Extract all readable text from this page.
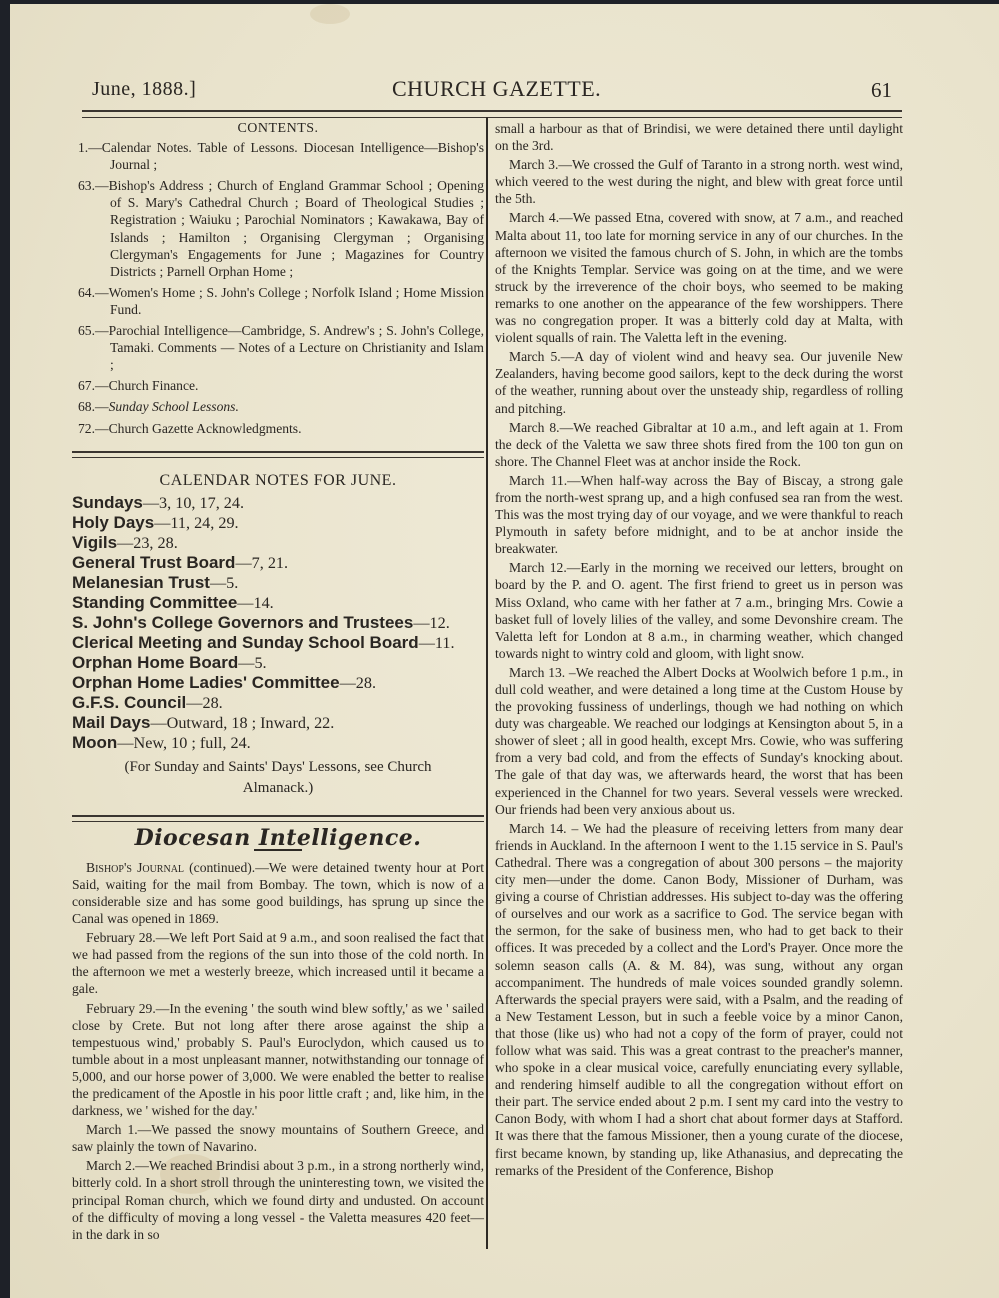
June, 1888.]	CHURCH GAZETTE.	61
CONTENTS.

1.—Calendar Notes. Table of Lessons. Diocesan Intelligence—Bishop's Journal ;

63.—Bishop's Address ; Church of England Grammar School ; Opening of S. Mary's Cathedral Church ; Board of Theological Studies ; Registration ; Waiuku ; Parochial Nominators ; Kawakawa, Bay of Islands ; Hamilton ; Organising Clergyman ; Organising Clergyman's Engagements for June ; Magazines for Country Districts ; Parnell Orphan Home ;

64.—Women's Home ; S. John's College ; Norfolk Island ; Home Mission Fund.

65.—Parochial Intelligence—Cambridge, S. Andrew's ; S. John's College, Tamaki. Comments — Notes of a Lecture on Christianity and Islam ;

67.—Church Finance.

68.—Sunday School Lessons.

72.—Church Gazette Acknowledgments.

CALENDAR NOTES FOR JUNE.

Sundays—3, 10, 17, 24.

Holy Days—11, 24, 29.

Vigils—23, 28.

General Trust Board—7, 21.

Melanesian Trust—5.

Standing Committee—14.

S. John's College Governors and Trustees—12.

Clerical Meeting and Sunday School Board—11.

Orphan Home Board—5.

Orphan Home Ladies' Committee—28.

G.F.S. Council—28.

Mail Days—Outward, 18 ; Inward, 22.

Moon—New, 10 ; full, 24.

(For Sunday and Saints' Days' Lessons, see Church Almanack.)

Diocesan Intelligence.

Bishop's Journal (continued).—We were detained twenty hour at Port Said, waiting for the mail from Bombay. The town, which is now of a considerable size and has some good buildings, has sprung up since the Canal was opened in 1869.

February 28.—We left Port Said at 9 a.m., and soon realised the fact that we had passed from the regions of the sun into those of the cold north. In the afternoon we met a westerly breeze, which increased until it became a gale.

February 29.—In the evening ' the south wind blew softly,' as we ' sailed close by Crete. But not long after there arose against the ship a tempestuous wind,' probably S. Paul's Euroclydon, which caused us to tumble about in a most unpleasant manner, notwithstanding our tonnage of 5,000, and our horse power of 3,000. We were enabled the better to realise the predicament of the Apostle in his poor little craft ; and, like him, in the darkness, we ' wished for the day.'

March 1.—We passed the snowy mountains of Southern Greece, and saw plainly the town of Navarino.

March 2.—We reached Brindisi about 3 p.m., in a strong northerly wind, bitterly cold. In a short stroll through the uninteresting town, we visited the principal Roman church, which we found dirty and undusted. On account of the difficulty of moving a long vessel - the Valetta measures 420 feet—in the dark in so

small a harbour as that of Brindisi, we were detained there until daylight on the 3rd.

March 3.—We crossed the Gulf of Taranto in a strong north. west wind, which veered to the west during the night, and blew with great force until the 5th.

March 4.—We passed Etna, covered with snow, at 7 a.m., and reached Malta about 11, too late for morning service in any of our churches. In the afternoon we visited the famous church of S. John, in which are the tombs of the Knights Templar. Service was going on at the time, and we were struck by the irreverence of the choir boys, who seemed to be making remarks to one another on the appearance of the few worshippers. There was no congregation proper. It was a bitterly cold day at Malta, with violent squalls of rain. The Valetta left in the evening.

March 5.—A day of violent wind and heavy sea. Our juvenile New Zealanders, having become good sailors, kept to the deck during the worst of the weather, running about over the unsteady ship, regardless of rolling and pitching.

March 8.—We reached Gibraltar at 10 a.m., and left again at 1. From the deck of the Valetta we saw three shots fired from the 100 ton gun on shore. The Channel Fleet was at anchor inside the Rock.

March 11.—When half-way across the Bay of Biscay, a strong gale from the north-west sprang up, and a high confused sea ran from the west. This was the most trying day of our voyage, and we were thankful to reach Plymouth in safety before midnight, and to be at anchor inside the breakwater.

March 12.—Early in the morning we received our letters, brought on board by the P. and O. agent. The first friend to greet us in person was Miss Oxland, who came with her father at 7 a.m., bringing Mrs. Cowie a basket full of lovely lilies of the valley, and some Devonshire cream. The Valetta left for London at 8 a.m., in charming weather, which changed towards night to wintry cold and gloom, with light snow.

March 13. –We reached the Albert Docks at Woolwich before 1 p.m., in dull cold weather, and were detained a long time at the Custom House by the provoking fussiness of underlings, though we had nothing on which duty was chargeable. We reached our lodgings at Kensington about 5, in a shower of sleet ; all in good health, except Mrs. Cowie, who was suffering from a very bad cold, and from the effects of Sunday's knocking about. The gale of that day was, we afterwards heard, the worst that has been experienced in the Channel for two years. Several vessels were wrecked. Our friends had been very anxious about us.

March 14. – We had the pleasure of receiving letters from many dear friends in Auckland. In the afternoon I went to the 1.15 service in S. Paul's Cathedral. There was a congregation of about 300 persons – the majority city men—under the dome. Canon Body, Missioner of Durham, was giving a course of Christian addresses. His subject to-day was the offering of ourselves and our work as a sacrifice to God. The service began with the sermon, for the sake of business men, who had to get back to their offices. It was preceded by a collect and the Lord's Prayer. Once more the solemn season calls (A. & M. 84), was sung, without any organ accompaniment. The hundreds of male voices sounded grandly solemn. Afterwards the special prayers were said, with a Psalm, and the reading of a New Testament Lesson, but in such a feeble voice by a minor Canon, that those (like us) who had not a copy of the form of prayer, could not follow what was said. This was a great contrast to the preacher's manner, who spoke in a clear musical voice, carefully enunciating every syllable, and rendering himself audible to all the congregation without effort on their part. The service ended about 2 p.m. I sent my card into the vestry to Canon Body, with whom I had a short chat about former days at Stafford. It was there that the famous Missioner, then a young curate of the diocese, first became known, by standing up, like Athanasius, and deprecating the remarks of the President of the Conference, Bishop
